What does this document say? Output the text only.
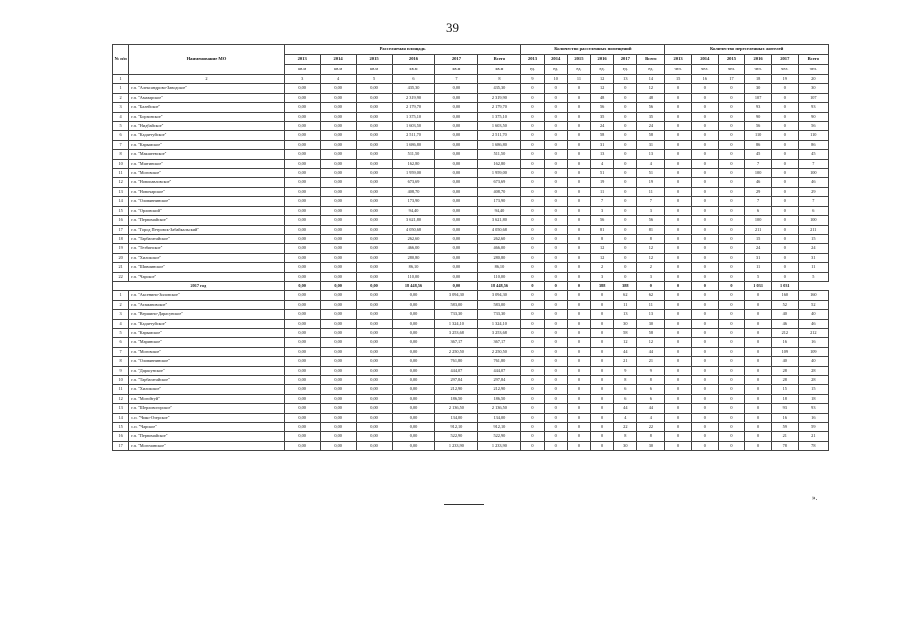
39
№ п/п	Наименование МО	Расселяемая площадь						Количество расселенных помещений						Количество переселенных жителей					
		2013	2014	2015	2016	2017	Всего	2013	2014	2015	2016	2017	Всего	2013	2014	2015	2016	2017	Всего
		кв.м	кв.м	кв.м	кв.м	кв.м	кв.м	ед.	ед.	ед.	ед.	ед.	ед.	чел.	чел.	чел.	чел.	чел.	чел.
1	2	3	4	5	6	7	8	9	10	11	12	13	14	15	16	17	18	19	20
1	г.п. "Александрово-Заводское"	0,00	0,00	0,00	435,30	0,00	435,30	0	0	0	12	0	12	0	0	0	30	0	30
2	г.п. "Амазарское"	0,00	0,00	0,00	2 319,90	0,00	2 319,90	0	0	0	48	0	48	0	0	0	107	0	107
3	г.п. "Балейское"	0,00	0,00	0,00	2 179,70	0,00	2 179,70	0	0	0	56	0	56	0	0	0	93	0	93
4	г.п. "Борзинское"	0,00	0,00	0,00	1 375,10	0,00	1 375,10	0	0	0	35	0	35	0	0	0	90	0	90
5	г.п. "Нидбайское"	0,00	0,00	0,00	1 603,50	0,00	1 603,50	0	0	0	24	0	24	0	0	0	56	0	56
6	г.п. "Кадаетуйское"	0,00	0,00	0,00	2 511,70	0,00	2 511,70	0	0	0	58	0	58	0	0	0	110	0	110
7	г.п. "Карымское"	0,00	0,00	0,00	1 686,80	0,00	1 686,80	0	0	0	31	0	31	0	0	0	86	0	86
8	г.п. "Макшеевское"	0,00	0,00	0,00	511,50	0,00	511,50	0	0	0	13	0	13	0	0	0	45	0	45
10	г.п. "Мштинское"	0,00	0,00	0,00	162,80	0,00	162,80	0	0	0	4	0	4	0	0	0	7	0	7
11	г.п. "Моговское"	0,00	0,00	0,00	1 959,00	0,00	1 959,00	0	0	0	51	0	51	0	0	0	100	0	100
12	г.п. "Новопавловское"	0,00	0,00	0,00	673,69	0,00	673,69	0	0	0	19	0	19	0	0	0	46	0	46
13	г.п. "Новочарское"	0,00	0,00	0,00	408,70	0,00	408,70	0	0	0	11	0	11	0	0	0	29	0	29
14	г.п. "Оловяннинское"	0,00	0,00	0,00	173,90	0,00	173,90	0	0	0	7	0	7	0	0	0	7	0	7
15	г.п. "Орловский"	0,00	0,00	0,00	94,40	0,00	94,40	0	0	0	3	0	3	0	0	0	6	0	6
16	г.п. "Первомайское"	0,00	0,00	0,00	3 621,80	0,00	3 621,80	0	0	0	56	0	56	0	0	0	100	0	100
17	г.п. "Город Петровск-Забайкальский"	0,00	0,00	0,00	4 050,68	0,00	4 050,68	0	0	0	81	0	81	0	0	0	211	0	211
18	г.п. "Тарбагатайское"	0,00	0,00	0,00	262,60	0,00	262,60	0	0	0	8	0	8	0	0	0	15	0	15
19	г.п. "Тезбинское"	0,00	0,00	0,00	466,00	0,00	466,00	0	0	0	12	0	12	0	0	0	24	0	24
20	г.п. "Хилокское"	0,00	0,00	0,00	280,80	0,00	280,80	0	0	0	12	0	12	0	0	0	31	0	31
21	г.п. "Шивиинское"	0,00	0,00	0,00	86,10	0,00	86,10	0	0	0	2	0	2	0	0	0	11	0	11
22	г.п. "Чарское"	0,00	0,00	0,00	110,00	0,00	110,00	0	0	0	3	0	3	0	0	0	5	0	5
2017 год		0,00	0,00	0,00	18 448,56	0,00	18 448,56	0	0	0	388	388	0	0	0	0	1 031	1 031	
1	г.п. "Аксенино-Зиловское"	0,00	0,00	0,00	0,00	3 094,30	3 094,30	0	0	0	0	62	62	0	0	0	0	160	160
2	г.п. "Атамановское"	0,00	0,00	0,00	0,00	583,00	583,00	0	0	0	0	11	11	0	0	0	0	52	52
3	г.п. "Вершино-Дарасунское"	0,00	0,00	0,00	0,00	733,30	733,30	0	0	0	0	13	13	0	0	0	0	40	40
4	г.п. "Кадаетуйское"	0,00	0,00	0,00	0,00	1 324,10	1 324,10	0	0	0	0	30	30	0	0	0	0	46	46
5	г.п. "Карымское"	0,00	0,00	0,00	0,00	3 253,68	3 253,68	0	0	0	0	58	58	0	0	0	0	212	212
6	г.п. "Маринское"	0,00	0,00	0,00	0,00	367,17	367,17	0	0	0	0	12	12	0	0	0	0	16	16
7	г.п. "Моговское"	0,00	0,00	0,00	0,00	2 250,50	2 250,50	0	0	0	0	44	44	0	0	0	0	109	109
8	г.п. "Оловяннинское"	0,00	0,00	0,00	0,00	761,80	761,80	0	0	0	0	21	21	0	0	0	0	40	40
9	г.п. "Дарасунское"	0,00	0,00	0,00	0,00	444,07	444,07	0	0	0	0	9	9	0	0	0	0	28	28
10	г.п. "Тарбагатайское"	0,00	0,00	0,00	0,00	297,84	297,84	0	0	0	0	8	8	0	0	0	0	28	28
11	г.п. "Хилокское"	0,00	0,00	0,00	0,00	212,90	212,90	0	0	0	0	6	6	0	0	0	0	15	15
12	г.п. "Могойтуй"	0,00	0,00	0,00	0,00	186,50	186,50	0	0	0	0	6	6	0	0	0	0	18	18
13	г.п. "Шерловогорское"	0,00	0,00	0,00	0,00	2 136,50	2 136,50	0	0	0	0	44	44	0	0	0	0	93	93
14	с.п. "Чико-Озерское"	0,00	0,00	0,00	0,00	134,00	134,00	0	0	0	0	4	4	0	0	0	0	16	16
15	с.п. "Чарское"	0,00	0,00	0,00	0,00	912,10	912,10	0	0	0	0	22	22	0	0	0	0	59	59
16	г.п. "Первомайское"	0,00	0,00	0,00	0,00	522,90	522,90	0	0	0	0	8	8	0	0	0	0	21	21
17	г.п. "Могочинское"	0,00	0,00	0,00	0,00	1 233,90	1 233,90	0	0	0	0	30	30	0	0	0	0	78	78
».
